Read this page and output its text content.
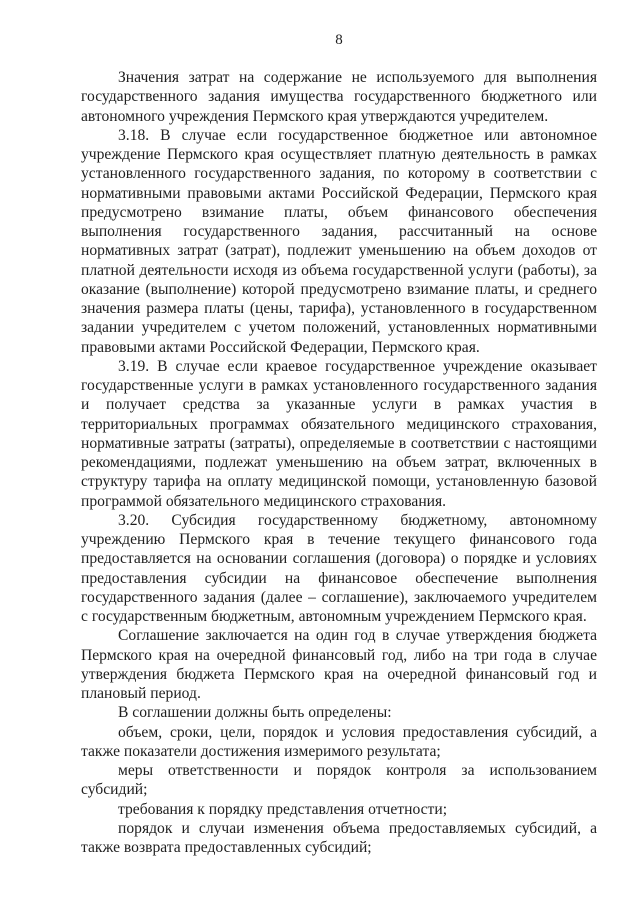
8

Значения затрат на содержание не используемого для выполнения государственного задания имущества государственного бюджетного или автономного учреждения Пермского края утверждаются учредителем.

3.18. В случае если государственное бюджетное или автономное учреждение Пермского края осуществляет платную деятельность в рамках установленного государственного задания, по которому в соответствии с нормативными правовыми актами Российской Федерации, Пермского края предусмотрено взимание платы, объем финансового обеспечения выполнения государственного задания, рассчитанный на основе нормативных затрат (затрат), подлежит уменьшению на объем доходов от платной деятельности исходя из объема государственной услуги (работы), за оказание (выполнение) которой предусмотрено взимание платы, и среднего значения размера платы (цены, тарифа), установленного в государственном задании учредителем с учетом положений, установленных нормативными правовыми актами Российской Федерации, Пермского края.

3.19. В случае если краевое государственное учреждение оказывает государственные услуги в рамках установленного государственного задания и получает средства за указанные услуги в рамках участия в территориальных программах обязательного медицинского страхования, нормативные затраты (затраты), определяемые в соответствии с настоящими рекомендациями, подлежат уменьшению на объем затрат, включенных в структуру тарифа на оплату медицинской помощи, установленную базовой программой обязательного медицинского страхования.

3.20. Субсидия государственному бюджетному, автономному учреждению Пермского края в течение текущего финансового года предоставляется на основании соглашения (договора) о порядке и условиях предоставления субсидии на финансовое обеспечение выполнения государственного задания (далее – соглашение), заключаемого учредителем с государственным бюджетным, автономным учреждением Пермского края.

Соглашение заключается на один год в случае утверждения бюджета Пермского края на очередной финансовый год, либо на три года в случае утверждения бюджета Пермского края на очередной финансовый год и плановый период.

В соглашении должны быть определены:

объем, сроки, цели, порядок и условия предоставления субсидий, а также показатели достижения измеримого результата;

меры ответственности и порядок контроля за использованием субсидий;

требования к порядку представления отчетности;

порядок и случаи изменения объема предоставляемых субсидий, а также возврата предоставленных субсидий;
